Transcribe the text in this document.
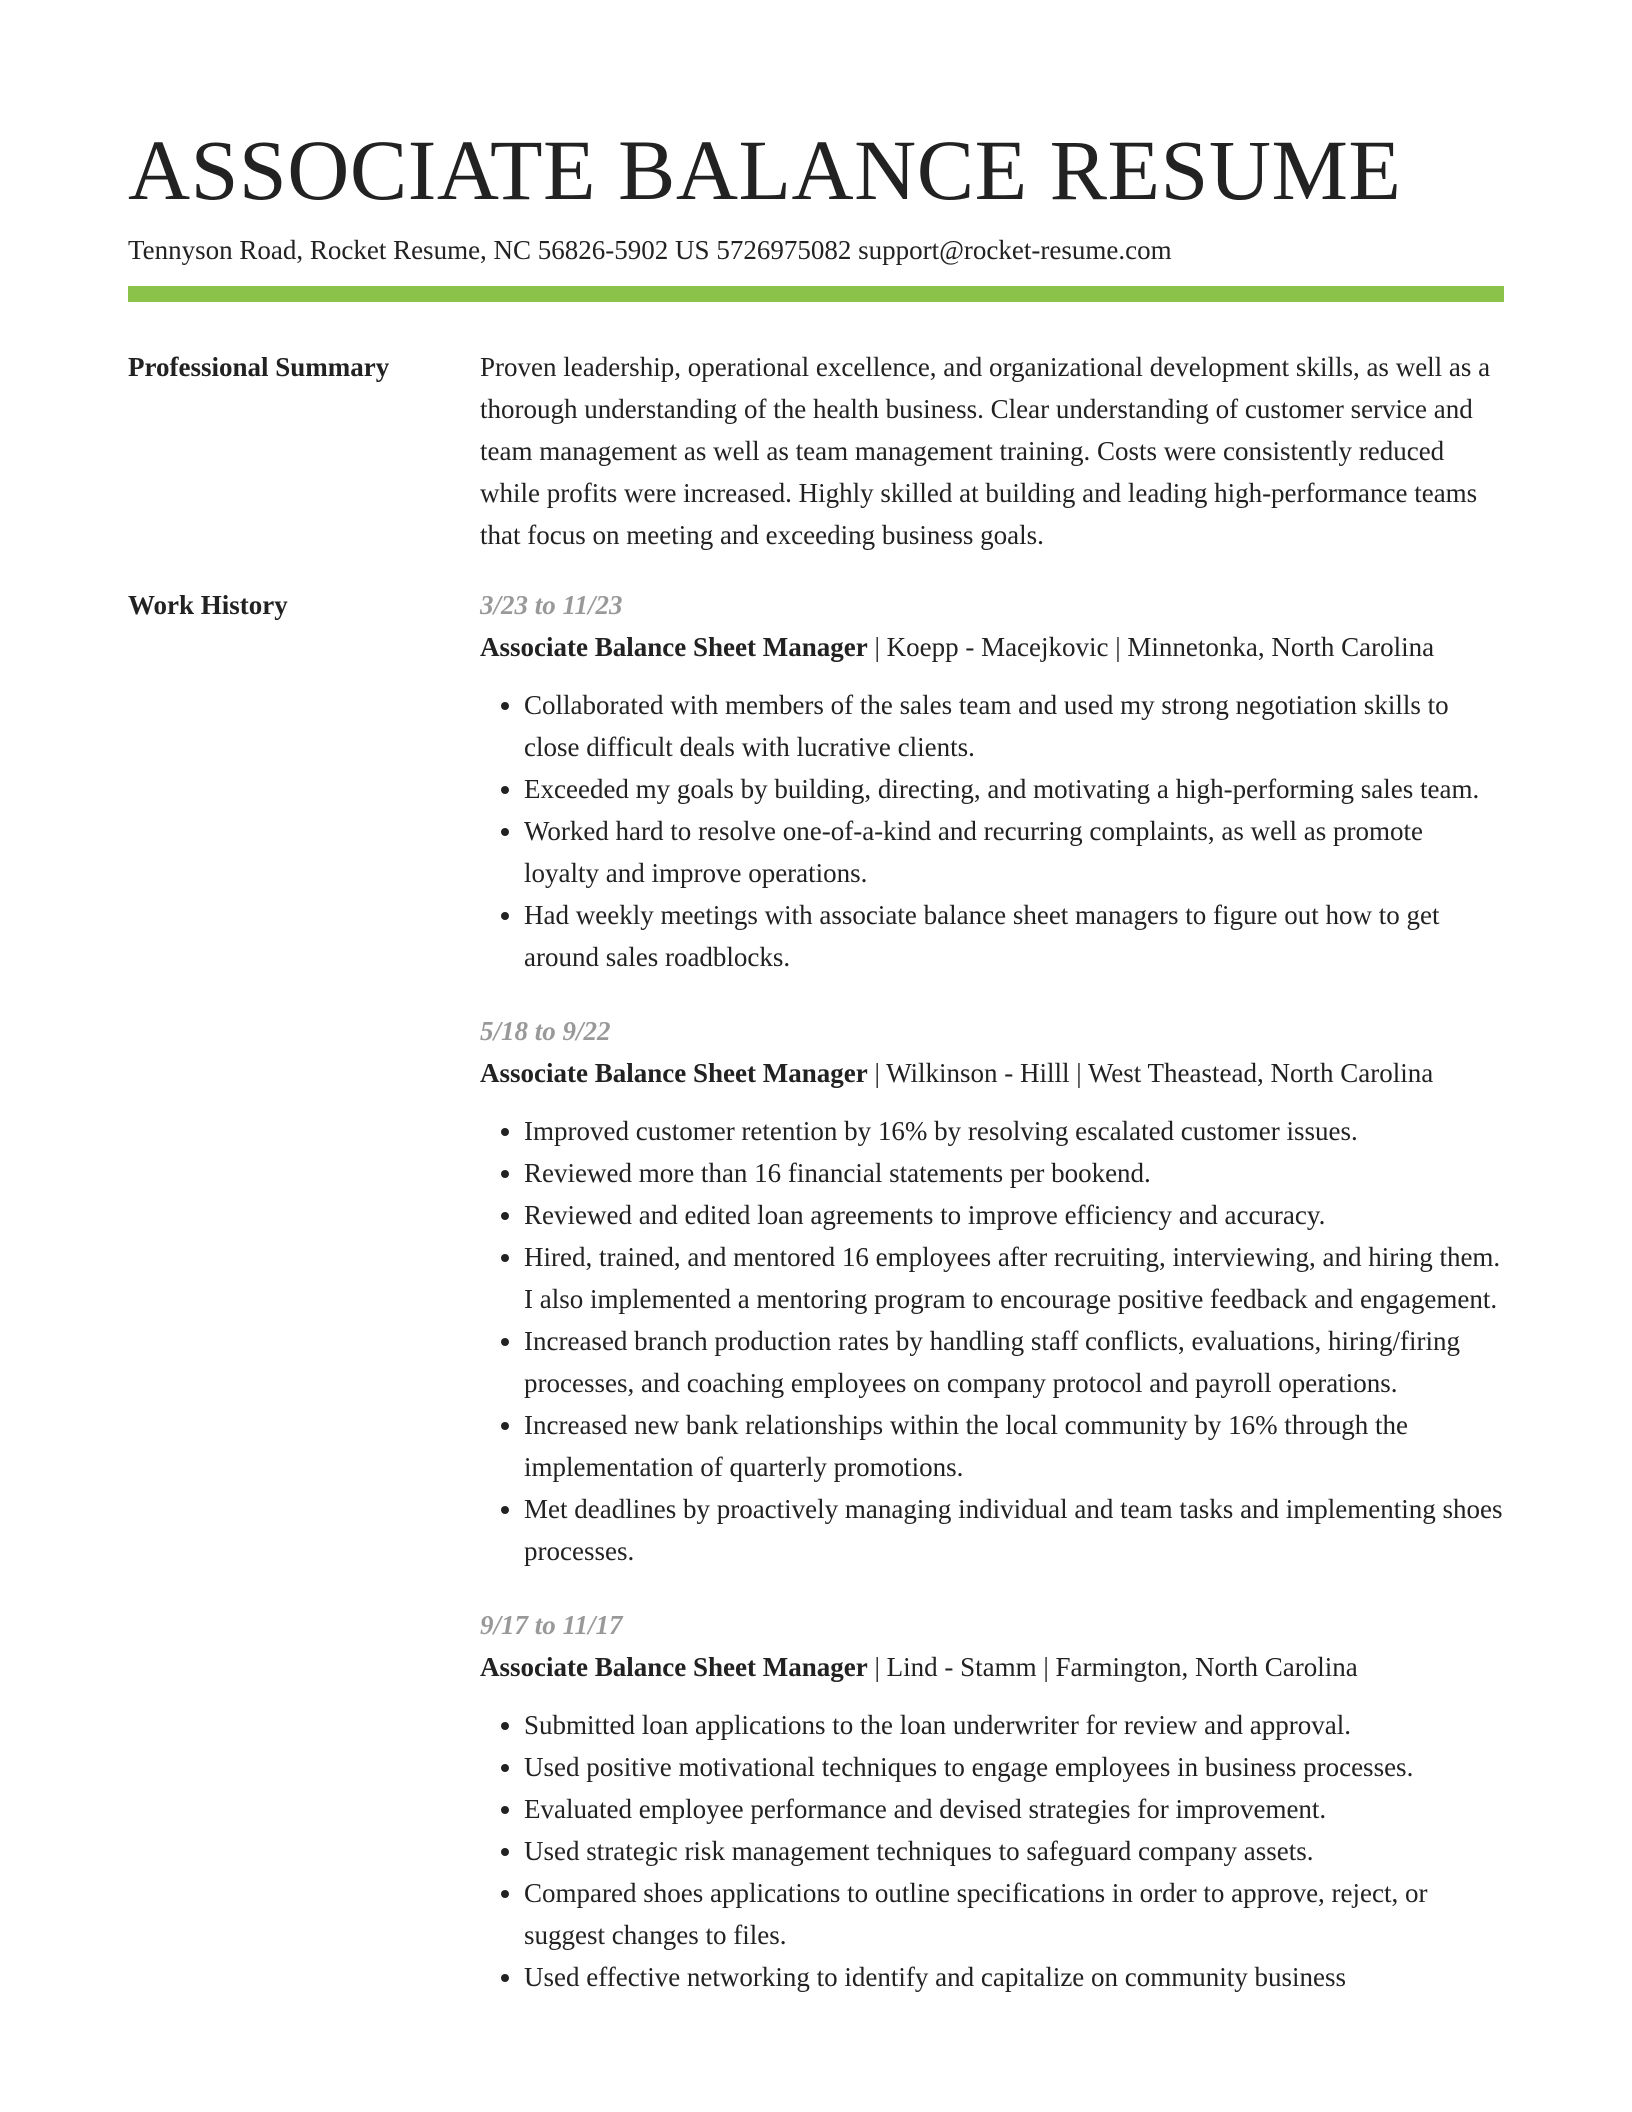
ASSOCIATE BALANCE RESUME
Tennyson Road, Rocket Resume, NC 56826-5902 US 5726975082 support@rocket-resume.com
Professional Summary	Proven leadership, operational excellence, and organizational development skills, as well as a thorough understanding of the health business. Clear understanding of customer service and team management as well as team management training. Costs were consistently reduced while profits were increased. Highly skilled at building and leading high-performance teams that focus on meeting and exceeding business goals.

Work History	3/23 to 11/23
Associate Balance Sheet Manager | Koepp - Macejkovic | Minnetonka, North Carolina
• Collaborated with members of the sales team and used my strong negotiation skills to close difficult deals with lucrative clients.
• Exceeded my goals by building, directing, and motivating a high-performing sales team.
• Worked hard to resolve one-of-a-kind and recurring complaints, as well as promote loyalty and improve operations.
• Had weekly meetings with associate balance sheet managers to figure out how to get around sales roadblocks.
5/18 to 9/22
Associate Balance Sheet Manager | Wilkinson - Hilll | West Theastead, North Carolina
• Improved customer retention by 16% by resolving escalated customer issues.
• Reviewed more than 16 financial statements per bookend.
• Reviewed and edited loan agreements to improve efficiency and accuracy.
• Hired, trained, and mentored 16 employees after recruiting, interviewing, and hiring them. I also implemented a mentoring program to encourage positive feedback and engagement.
• Increased branch production rates by handling staff conflicts, evaluations, hiring/firing processes, and coaching employees on company protocol and payroll operations.
• Increased new bank relationships within the local community by 16% through the implementation of quarterly promotions.
• Met deadlines by proactively managing individual and team tasks and implementing shoes processes.
9/17 to 11/17
Associate Balance Sheet Manager | Lind - Stamm | Farmington, North Carolina
• Submitted loan applications to the loan underwriter for review and approval.
• Used positive motivational techniques to engage employees in business processes.
• Evaluated employee performance and devised strategies for improvement.
• Used strategic risk management techniques to safeguard company assets.
• Compared shoes applications to outline specifications in order to approve, reject, or suggest changes to files.
• Used effective networking to identify and capitalize on community business
